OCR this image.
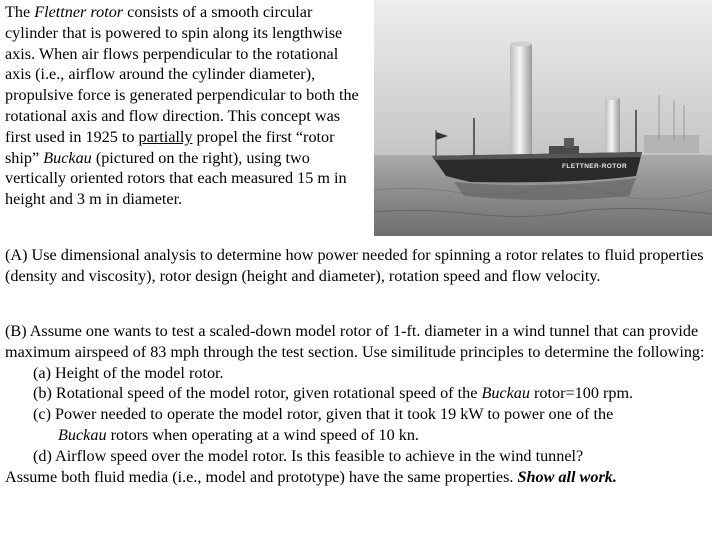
The Flettner rotor consists of a smooth circular cylinder that is powered to spin along its lengthwise axis. When air flows perpendicular to the rotational axis (i.e., airflow around the cylinder diameter), propulsive force is generated perpendicular to both the rotational axis and flow direction. This concept was first used in 1925 to partially propel the first “rotor ship” Buckau (pictured on the right), using two vertically oriented rotors that each measured 15 m in height and 3 m in diameter.
FLETTNER-ROTOR
(A) Use dimensional analysis to determine how power needed for spinning a rotor relates to fluid properties (density and viscosity), rotor design (height and diameter), rotation speed and flow velocity.
(B) Assume one wants to test a scaled-down model rotor of 1-ft. diameter in a wind tunnel that can provide maximum airspeed of 83 mph through the test section. Use similitude principles to determine the following:
(a) Height of the model rotor.
(b) Rotational speed of the model rotor, given rotational speed of the Buckau rotor=100 rpm.
(c) Power needed to operate the model rotor, given that it took 19 kW to power one of the
Buckau rotors when operating at a wind speed of 10 kn.
(d) Airflow speed over the model rotor. Is this feasible to achieve in the wind tunnel?
Assume both fluid media (i.e., model and prototype) have the same properties. Show all work.
